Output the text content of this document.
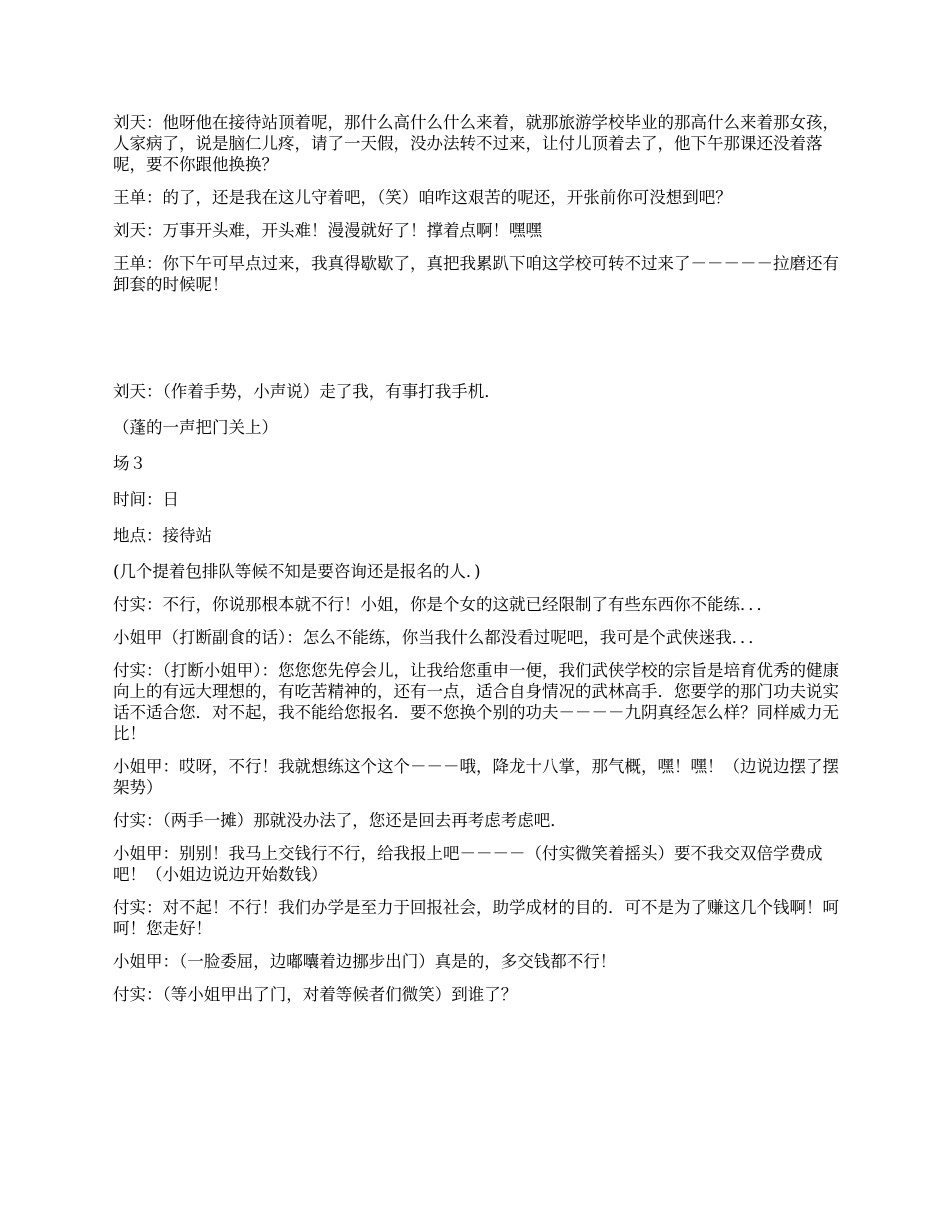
刘天：他呀他在接待站顶着呢，那什么高什么什么来着，就那旅游学校毕业的那高什么来着那女孩，人家病了，说是脑仁儿疼，请了一天假，没办法转不过来，让付儿顶着去了，他下午那课还没着落呢，要不你跟他换换？

王单：的了，还是我在这儿守着吧，（笑）咱咋这艰苦的呢还，开张前你可没想到吧？

刘天：万事开头难，开头难！漫漫就好了！撑着点啊！嘿嘿

王单：你下午可早点过来，我真得歇歇了，真把我累趴下咱这学校可转不过来了－－－－－拉磨还有卸套的时候呢！

刘天：（作着手势，小声说）走了我，有事打我手机．

（蓬的一声把门关上）

场３

时间：日

地点：接待站

(几个提着包排队等候不知是要咨询还是报名的人．)

付实：不行，你说那根本就不行！小姐，你是个女的这就已经限制了有些东西你不能练．．．

小姐甲（打断副食的话）：怎么不能练，你当我什么都没看过呢吧，我可是个武侠迷我．．．

付实：（打断小姐甲）：您您您先停会儿，让我给您重申一便，我们武侠学校的宗旨是培育优秀的健康向上的有远大理想的，有吃苦精神的，还有一点，适合自身情况的武林高手．您要学的那门功夫说实话不适合您．对不起，我不能给您报名．要不您换个别的功夫－－－－九阴真经怎么样？同样威力无比！

小姐甲：哎呀，不行！我就想练这个这个－－－哦，降龙十八掌，那气概，嘿！嘿！（边说边摆了摆架势）

付实：（两手一摊）那就没办法了，您还是回去再考虑考虑吧．

小姐甲：别别！我马上交钱行不行，给我报上吧－－－－（付实微笑着摇头）要不我交双倍学费成吧！（小姐边说边开始数钱）

付实：对不起！不行！我们办学是至力于回报社会，助学成材的目的．可不是为了赚这几个钱啊！呵呵！您走好！

小姐甲：（一脸委屈，边嘟囔着边挪步出门）真是的，多交钱都不行！

付实：（等小姐甲出了门，对着等候者们微笑）到谁了？
